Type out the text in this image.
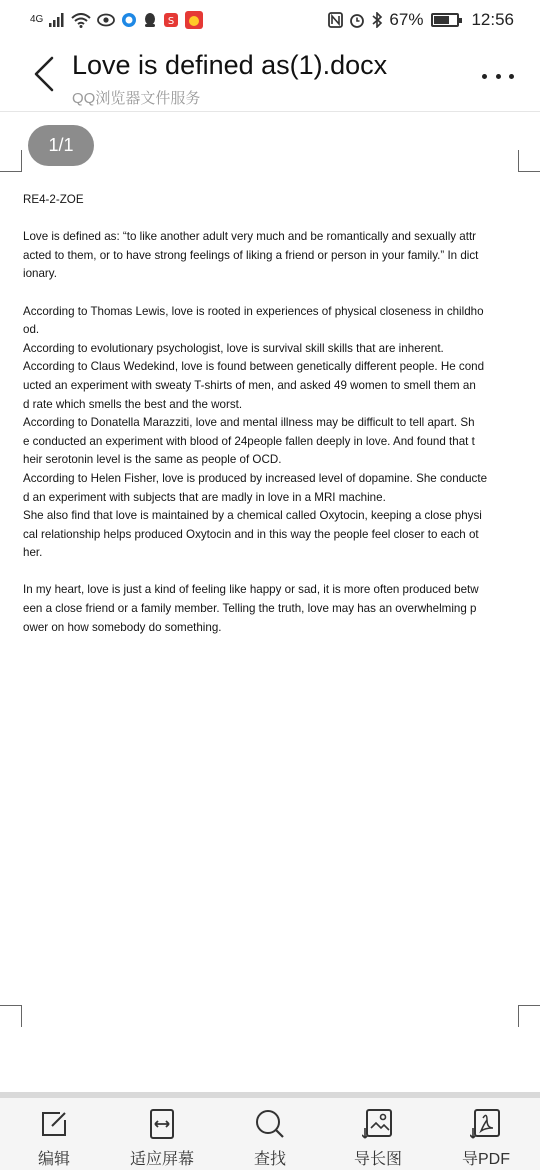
4G	S	67%	12:56
Love is defined as(1).docx
QQ浏览器文件服务
1/1

RE4-2-ZOE

Love is defined as: “to like another adult very much and be romantically and sexually attr
acted to them, or to have strong feelings of liking a friend or person in your family.” In dict
ionary.
According to Thomas Lewis, love is rooted in experiences of physical closeness in childho
od.
According to evolutionary psychologist, love is survival skill skills that are inherent.
According to Claus Wedekind, love is found between genetically different people. He cond
ucted an experiment with sweaty T-shirts of men, and asked 49 women to smell them an
d rate which smells the best and the worst.
According to Donatella Marazziti, love and mental illness may be difficult to tell apart. Sh
e conducted an experiment with blood of 24people fallen deeply in love. And found that t
heir serotonin level is the same as people of OCD.
According to Helen Fisher, love is produced by increased level of dopamine. She conducte
d an experiment with subjects that are madly in love in a MRI machine.
She also find that love is maintained by a chemical called Oxytocin, keeping a close physi
cal relationship helps produced Oxytocin and in this way the people feel closer to each ot
her.
In my heart, love is just a kind of feeling like happy or sad, it is more often produced betw
een a close friend or a family member. Telling the truth, love may has an overwhelming p
ower on how somebody do something.
编辑	适应屏幕	查找	导长图	导PDF
